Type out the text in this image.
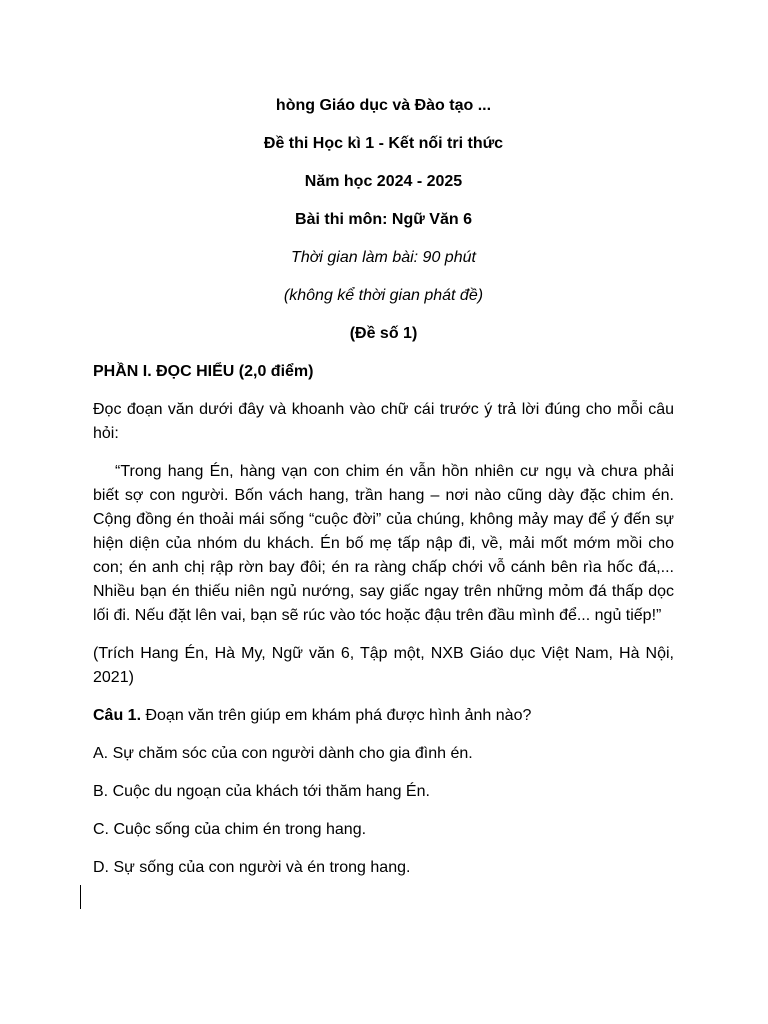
hòng Giáo dục và Đào tạo ...
Đề thi Học kì 1 - Kết nối tri thức
Năm học 2024 - 2025
Bài thi môn: Ngữ Văn 6
Thời gian làm bài: 90 phút
(không kể thời gian phát đề)
(Đề số 1)
PHẦN I. ĐỌC HIỂU (2,0 điểm)
Đọc đoạn văn dưới đây và khoanh vào chữ cái trước ý trả lời đúng cho mỗi câu hỏi:
“Trong hang Én, hàng vạn con chim én vẫn hồn nhiên cư ngụ và chưa phải biết sợ con người. Bốn vách hang, trần hang – nơi nào cũng dày đặc chim én. Cộng đồng én thoải mái sống “cuộc đời” của chúng, không mảy may để ý đến sự hiện diện của nhóm du khách. Én bố mẹ tấp nập đi, về, mải mốt mớm mồi cho con; én anh chị rập rờn bay đôi; én ra ràng chấp chới vỗ cánh bên rìa hốc đá,... Nhiều bạn én thiếu niên ngủ nướng, say giấc ngay trên những mỏm đá thấp dọc lối đi. Nếu đặt lên vai, bạn sẽ rúc vào tóc hoặc đậu trên đầu mình để... ngủ tiếp!”
(Trích Hang Én, Hà My, Ngữ văn 6, Tập một, NXB Giáo dục Việt Nam, Hà Nội, 2021)
Câu 1. Đoạn văn trên giúp em khám phá được hình ảnh nào?
A. Sự chăm sóc của con người dành cho gia đình én.
B. Cuộc du ngoạn của khách tới thăm hang Én.
C. Cuộc sống của chim én trong hang.
D. Sự sống của con người và én trong hang.
